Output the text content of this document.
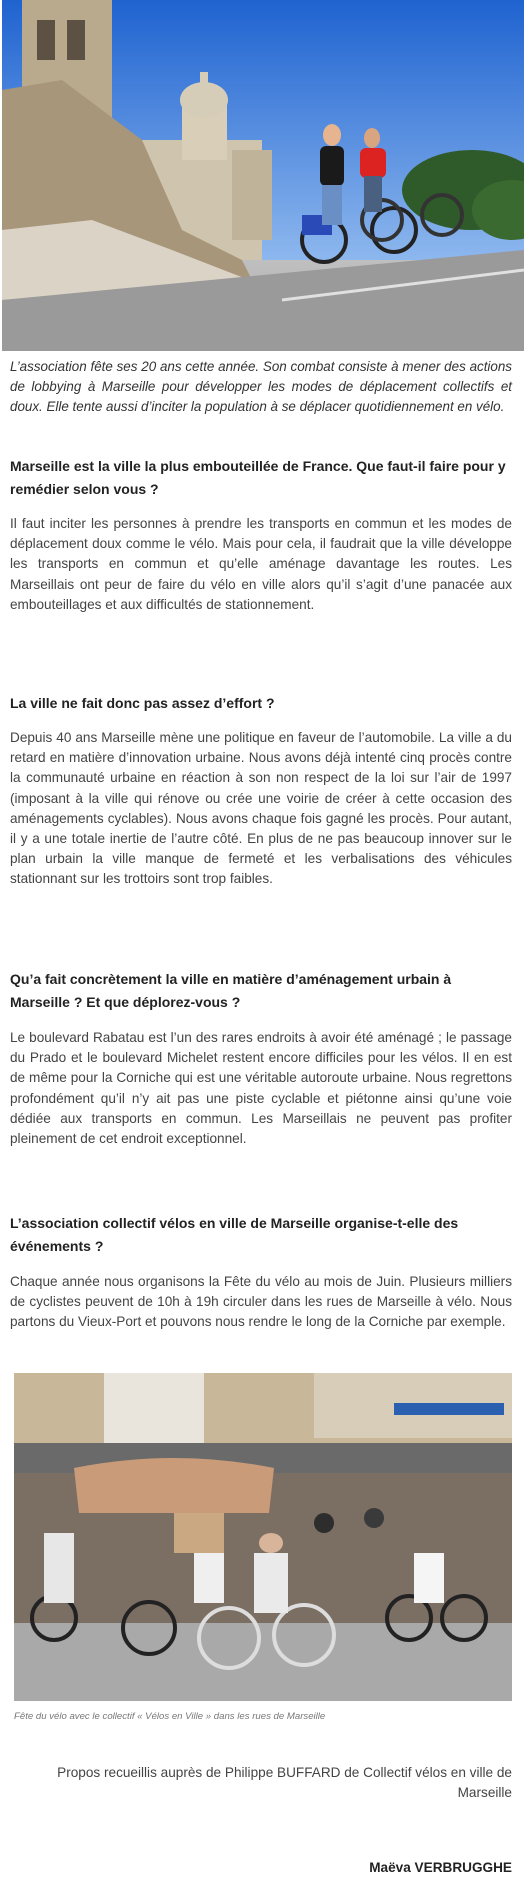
L’association fête ses 20 ans cette année. Son combat consiste à mener des actions de lobbying à Marseille pour développer les modes de déplacement collectifs et doux. Elle tente aussi d’inciter la population à se déplacer quotidiennement en vélo.
Marseille est la ville la plus embouteillée de France. Que faut-il faire pour y remédier selon vous ?
Il faut inciter les personnes à prendre les transports en commun et les modes de déplacement doux comme le vélo. Mais pour cela, il faudrait que la ville développe les transports en commun et qu’elle aménage davantage les routes. Les Marseillais ont peur de faire du vélo en ville alors qu’il s’agit d’une panacée aux embouteillages et aux difficultés de stationnement.
La ville ne fait donc pas assez d’effort ?
Depuis 40 ans Marseille mène une politique en faveur de l’automobile. La ville a du retard en matière d’innovation urbaine. Nous avons déjà intenté cinq procès contre la communauté urbaine en réaction à son non respect de la loi sur l’air de 1997 (imposant à la ville qui rénove ou crée une voirie de créer à cette occasion des aménagements cyclables). Nous avons chaque fois gagné les procès. Pour autant, il y a une totale inertie de l’autre côté. En plus de ne pas beaucoup innover sur le plan urbain la ville manque de fermeté et les verbalisations des véhicules stationnant sur les trottoirs sont trop faibles.
Qu’a fait concrètement la ville en matière d’aménagement urbain à Marseille ? Et que déplorez-vous ?
Le boulevard Rabatau est l’un des rares endroits à avoir été aménagé ; le passage du Prado et le boulevard Michelet restent encore difficiles pour les vélos. Il en est de même pour la Corniche qui est une véritable autoroute urbaine. Nous regrettons profondément qu’il n’y ait pas une piste cyclable et piétonne ainsi qu’une voie dédiée aux transports en commun. Les Marseillais ne peuvent pas profiter pleinement de cet endroit exceptionnel.
L’association collectif vélos en ville de Marseille organise-t-elle des événements ?
Chaque année nous organisons la Fête du vélo au mois de Juin. Plusieurs milliers de cyclistes peuvent de 10h à 19h circuler dans les rues de Marseille à vélo. Nous partons du Vieux-Port et pouvons nous rendre le long de la Corniche par exemple.
Fête du vélo avec le collectif « Vélos en Ville » dans les rues de Marseille
Propos recueillis auprès de Philippe BUFFARD de Collectif vélos en ville de Marseille
Maëva VERBRUGGHE
